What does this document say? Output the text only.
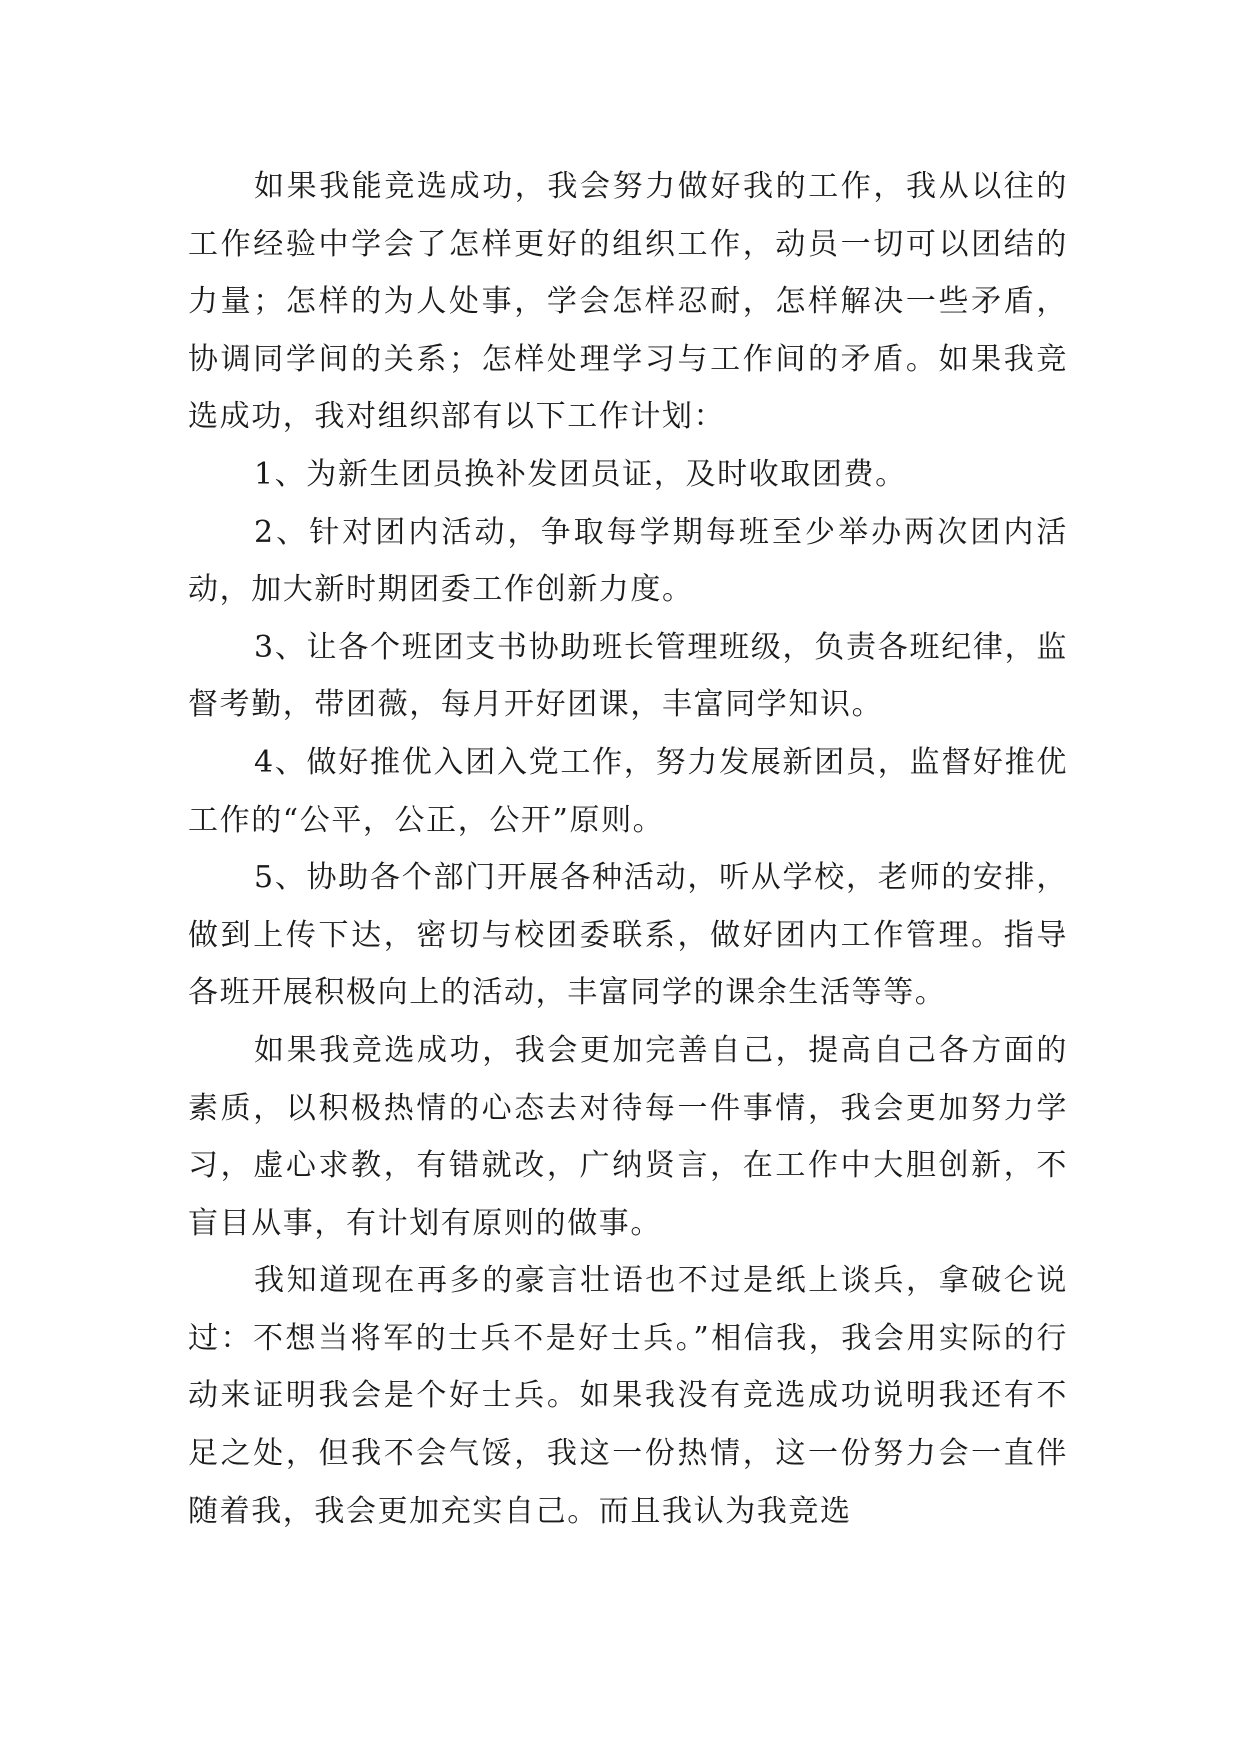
如果我能竞选成功，我会努力做好我的工作，我从以往的工作经验中学会了怎样更好的组织工作，动员一切可以团结的力量；怎样的为人处事，学会怎样忍耐，怎样解决一些矛盾，协调同学间的关系；怎样处理学习与工作间的矛盾。如果我竞选成功，我对组织部有以下工作计划：

1、为新生团员换补发团员证，及时收取团费。

2、针对团内活动，争取每学期每班至少举办两次团内活动，加大新时期团委工作创新力度。

3、让各个班团支书协助班长管理班级，负责各班纪律，监督考勤，带团薇，每月开好团课，丰富同学知识。

4、做好推优入团入党工作，努力发展新团员，监督好推优工作的“公平，公正，公开”原则。

5、协助各个部门开展各种活动，听从学校，老师的安排，做到上传下达，密切与校团委联系，做好团内工作管理。指导各班开展积极向上的活动，丰富同学的课余生活等等。

如果我竞选成功，我会更加完善自己，提高自己各方面的素质，以积极热情的心态去对待每一件事情，我会更加努力学习，虚心求教，有错就改，广纳贤言，在工作中大胆创新，不盲目从事，有计划有原则的做事。

我知道现在再多的豪言壮语也不过是纸上谈兵，拿破仑说过：不想当将军的士兵不是好士兵。”相信我，我会用实际的行动来证明我会是个好士兵。如果我没有竞选成功说明我还有不足之处，但我不会气馁，我这一份热情，这一份努力会一直伴随着我，我会更加充实自己。而且我认为我竞选
